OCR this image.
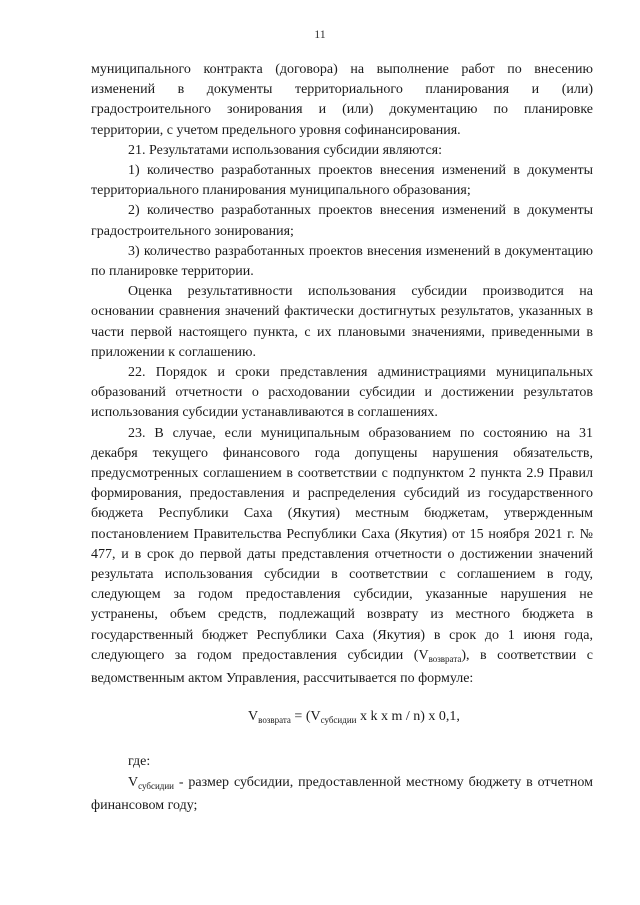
11

муниципального контракта (договора) на выполнение работ по внесению изменений в документы территориального планирования и (или) градостроительного зонирования и (или) документацию по планировке территории, с учетом предельного уровня софинансирования.

21. Результатами использования субсидии являются:

1) количество разработанных проектов внесения изменений в документы территориального планирования муниципального образования;

2) количество разработанных проектов внесения изменений в документы градостроительного зонирования;

3) количество разработанных проектов внесения изменений в документацию по планировке территории.

Оценка результативности использования субсидии производится на основании сравнения значений фактически достигнутых результатов, указанных в части первой настоящего пункта, с их плановыми значениями, приведенными в приложении к соглашению.

22. Порядок и сроки представления администрациями муниципальных образований отчетности о расходовании субсидии и достижении результатов использования субсидии устанавливаются в соглашениях.

23. В случае, если муниципальным образованием по состоянию на 31 декабря текущего финансового года допущены нарушения обязательств, предусмотренных соглашением в соответствии с подпунктом 2 пункта 2.9 Правил формирования, предоставления и распределения субсидий из государственного бюджета Республики Саха (Якутия) местным бюджетам, утвержденным постановлением Правительства Республики Саха (Якутия) от 15 ноября 2021 г. № 477, и в срок до первой даты представления отчетности о достижении значений результата использования субсидии в соответствии с соглашением в году, следующем за годом предоставления субсидии, указанные нарушения не устранены, объем средств, подлежащий возврату из местного бюджета в государственный бюджет Республики Саха (Якутия) в срок до 1 июня года, следующего за годом предоставления субсидии $(V_{возврата})$, в соответствии с ведомственным актом Управления, рассчитывается по формуле:

$V_{возврата} = (V_{субсидии}$ x k x m / n) x 0,1,

где:

$V_{субсидии}$ - размер субсидии, предоставленной местному бюджету в отчетном финансовом году;
